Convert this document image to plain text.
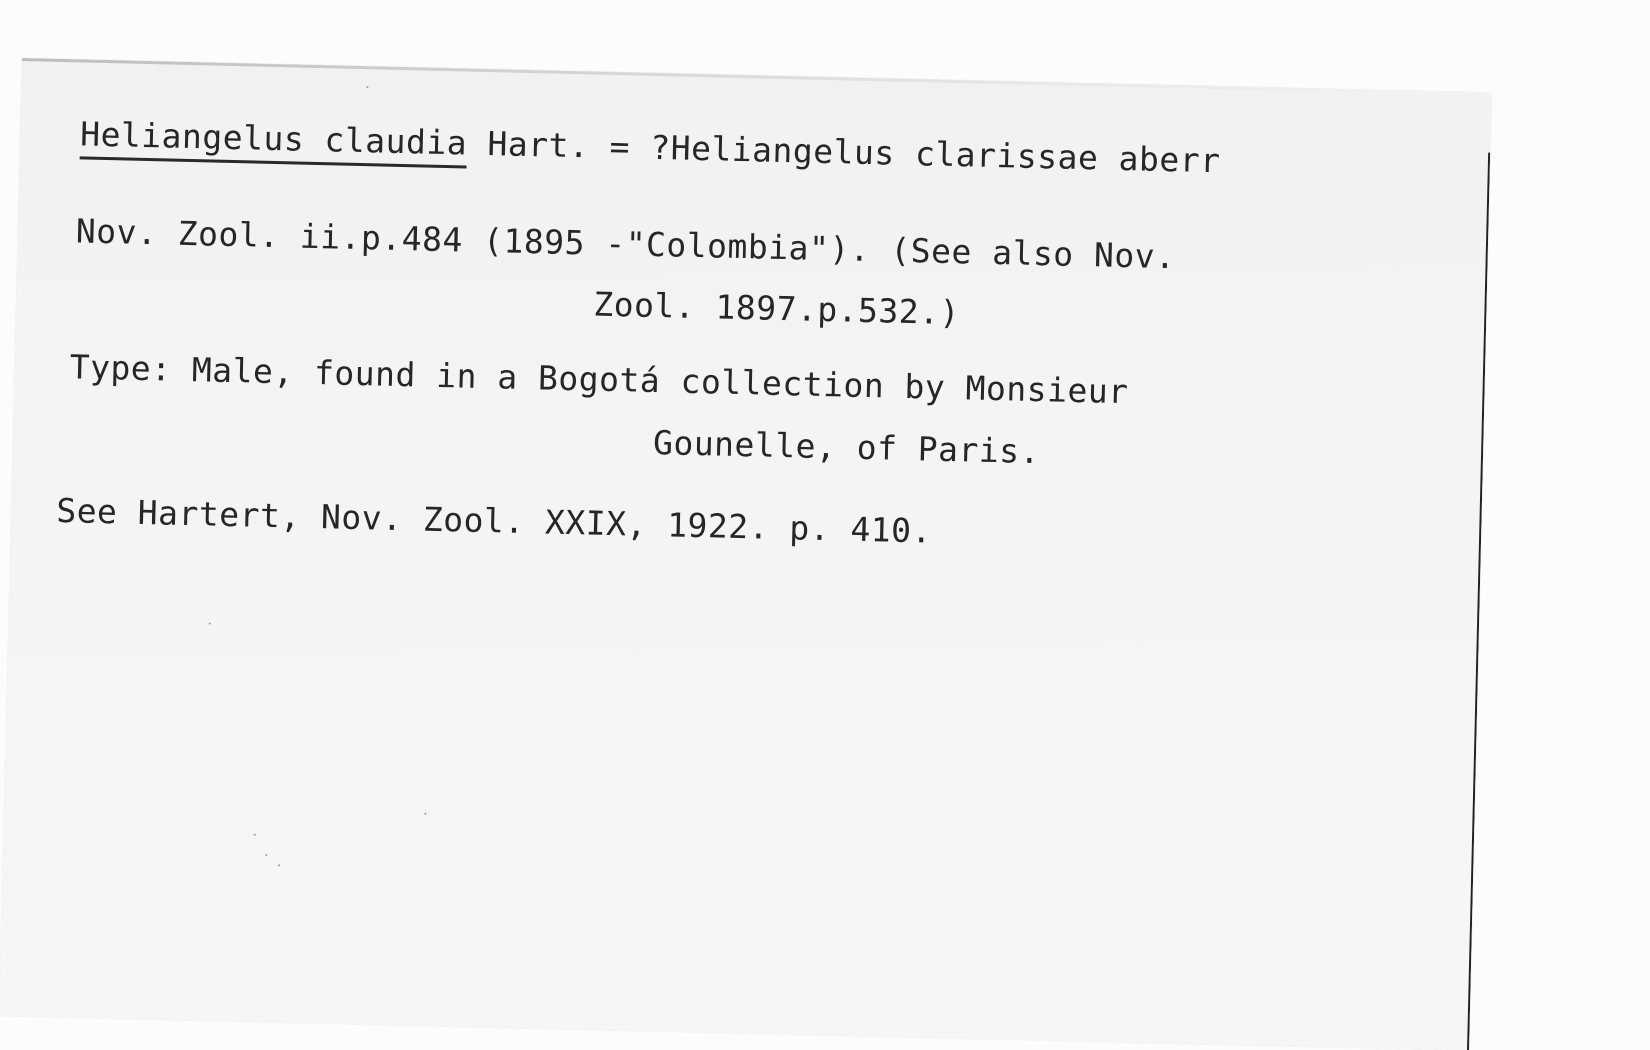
Heliangelus claudia Hart. = ?Heliangelus clarissae aberr
Nov. Zool. ii.p.484 (1895 -"Colombia"). (See also Nov.
Zool. 1897.p.532.)
Type: Male, found in a Bogotá collection by Monsieur
Gounelle, of Paris.
See Hartert, Nov. Zool. XXIX, 1922. p. 410.
